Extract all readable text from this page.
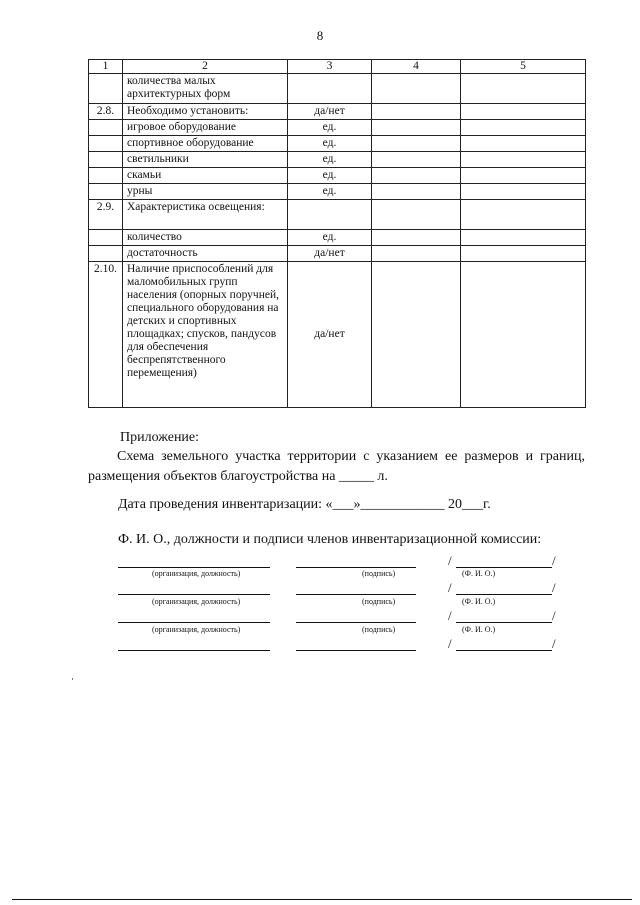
8
1	2	3	4	5
	количества малых архитектурных форм			
2.8.	Необходимо установить:	да/нет		
	игровое оборудование	ед.		
	спортивное оборудование	ед.		
	светильники	ед.		
	скамьи	ед.		
	урны	ед.		
2.9.	Характеристика освещения:			
	количество	ед.		
	достаточность	да/нет		
2.10.	Наличие приспособлений для маломобильных групп населения (опорных поручней, специального оборудования на детских и спортивных площадках; спусков, пандусов для обеспечения беспрепятственного перемещения)	да/нет		
Приложение:
Схема земельного участка территории с указанием ее размеров и границ, размещения объектов благоустройства на _____ л.
Дата проведения инвентаризации: «___»____________ 20___г.
Ф. И. О., должности и подписи членов инвентаризационной комиссии:
/	/
(организация, должность)	(подпись)	(Ф. И. О.)
/	/
(организация, должность)	(подпись)	(Ф. И. О.)
/	/
(организация, должность)	(подпись)	(Ф. И. О.)
/	/
